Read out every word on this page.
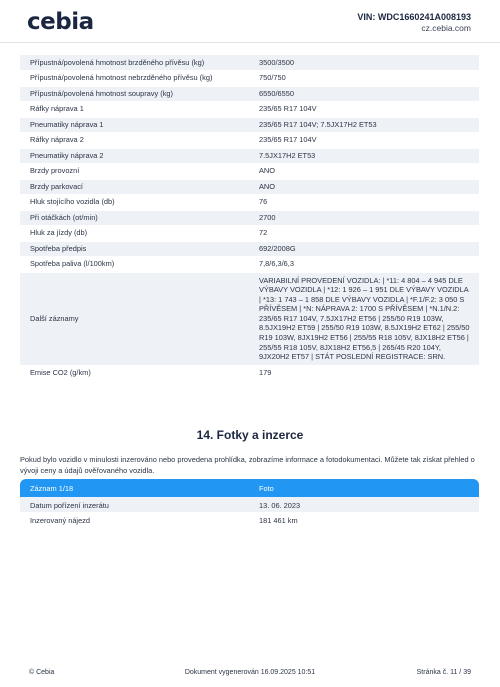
cebia	VIN: WDC1660241A008193
cz.cebia.com
Přípustná/povolená hmotnost brzděného přívěsu (kg)	3500/3500
Přípustná/povolená hmotnost nebrzděného přívěsu (kg)	750/750
Přípustná/povolená hmotnost soupravy (kg)	6550/6550
Ráfky náprava 1	235/65 R17 104V
Pneumatiky náprava 1	235/65 R17 104V; 7.5JX17H2 ET53
Ráfky náprava 2	235/65 R17 104V
Pneumatiky náprava 2	7.5JX17H2 ET53
Brzdy provozní	ANO
Brzdy parkovací	ANO
Hluk stojícího vozidla (db)	76
Při otáčkách (ot/min)	2700
Hluk za jízdy (db)	72
Spotřeba předpis	692/2008G
Spotřeba paliva (l/100km)	7,8/6,3/6,3
Další záznamy	VARIABILNÍ PROVEDENÍ VOZIDLA: | *11: 4 804 – 4 945 DLE VÝBAVY VOZIDLA | *12: 1 926 – 1 951 DLE VÝBAVY VOZIDLA | *13: 1 743 – 1 858 DLE VÝBAVY VOZIDLA | *F.1/F.2: 3 050 S PŘÍVĚSEM | *N: NÁPRAVA 2: 1700 S PŘÍVĚSEM | *N.1/N.2: 235/65 R17 104V, 7.5JX17H2 ET56 | 255/50 R19 103W, 8.5JX19H2 ET59 | 255/50 R19 103W, 8.5JX19H2 ET62 | 255/50 R19 103W, 8JX19H2 ET56 | 255/55 R18 105V, 8JX18H2 ET56 | 255/55 R18 105V, 8JX18H2 ET56,5 | 265/45 R20 104Y, 9JX20H2 ET57 | STÁT POSLEDNÍ REGISTRACE: SRN.
Emise CO2 (g/km)	179
14. Fotky a inzerce
Pokud bylo vozidlo v minulosti inzerováno nebo provedena prohlídka, zobrazíme informace a fotodokumentaci. Můžete tak získat přehled o vývoji ceny a údajů ověřovaného vozidla.
Záznam 1/18	Foto
Datum pořízení inzerátu	13. 06. 2023
Inzerovaný nájezd	181 461 km
© Cebia	Dokument vygenerován 16.09.2025 10:51	Stránka č. 11 / 39
